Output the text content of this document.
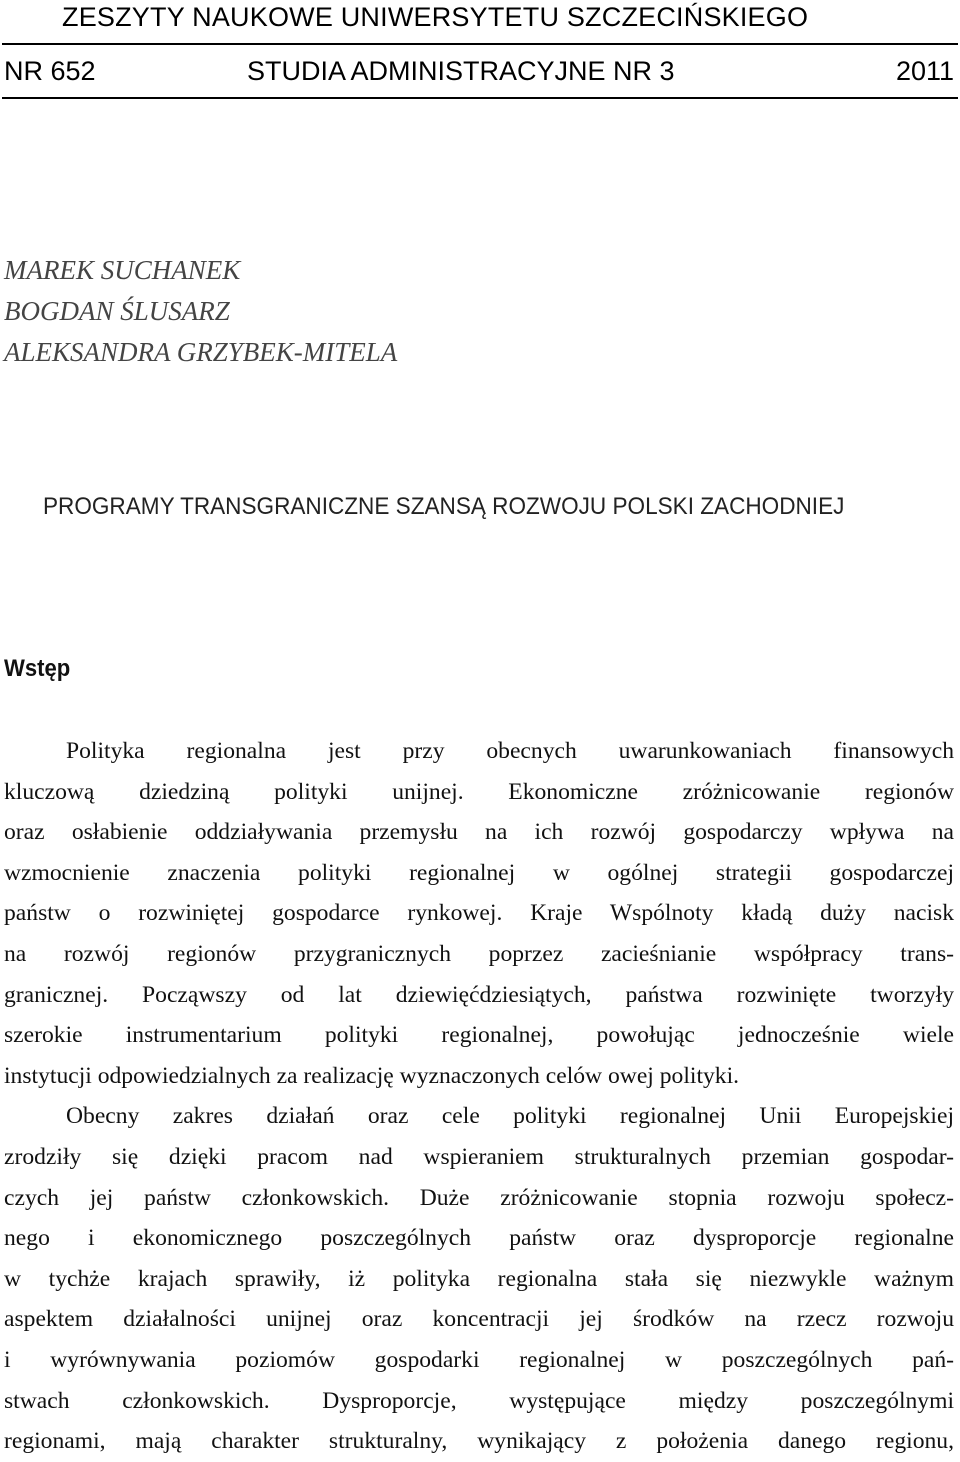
ZESZYTY NAUKOWE UNIWERSYTETU SZCZECIŃSKIEGO
NR 652	STUDIA ADMINISTRACYJNE NR 3	2011
MAREK SUCHANEK
BOGDAN ŚLUSARZ
ALEKSANDRA GRZYBEK-MITELA
PROGRAMY TRANSGRANICZNE SZANSĄ ROZWOJU POLSKI ZACHODNIEJ
Wstęp
Polityka regionalna jest przy obecnych uwarunkowaniach finansowych
kluczową dziedziną polityki unijnej. Ekonomiczne zróżnicowanie regionów
oraz osłabienie oddziaływania przemysłu na ich rozwój gospodarczy wpływa na
wzmocnienie znaczenia polityki regionalnej w ogólnej strategii gospodarczej
państw o rozwiniętej gospodarce rynkowej. Kraje Wspólnoty kładą duży nacisk
na rozwój regionów przygranicznych poprzez zacieśnianie współpracy trans-
granicznej. Począwszy od lat dziewięćdziesiątych, państwa rozwinięte tworzyły
szerokie instrumentarium polityki regionalnej, powołując jednocześnie wiele
instytucji odpowiedzialnych za realizację wyznaczonych celów owej polityki.
Obecny zakres działań oraz cele polityki regionalnej Unii Europejskiej
zrodziły się dzięki pracom nad wspieraniem strukturalnych przemian gospodar-
czych jej państw członkowskich. Duże zróżnicowanie stopnia rozwoju społecz-
nego i ekonomicznego poszczególnych państw oraz dysproporcje regionalne
w tychże krajach sprawiły, iż polityka regionalna stała się niezwykle ważnym
aspektem działalności unijnej oraz koncentracji jej środków na rzecz rozwoju
i wyrównywania poziomów gospodarki regionalnej w poszczególnych pań-
stwach członkowskich. Dysproporcje, występujące między poszczególnymi
regionami, mają charakter strukturalny, wynikający z położenia danego regionu,
